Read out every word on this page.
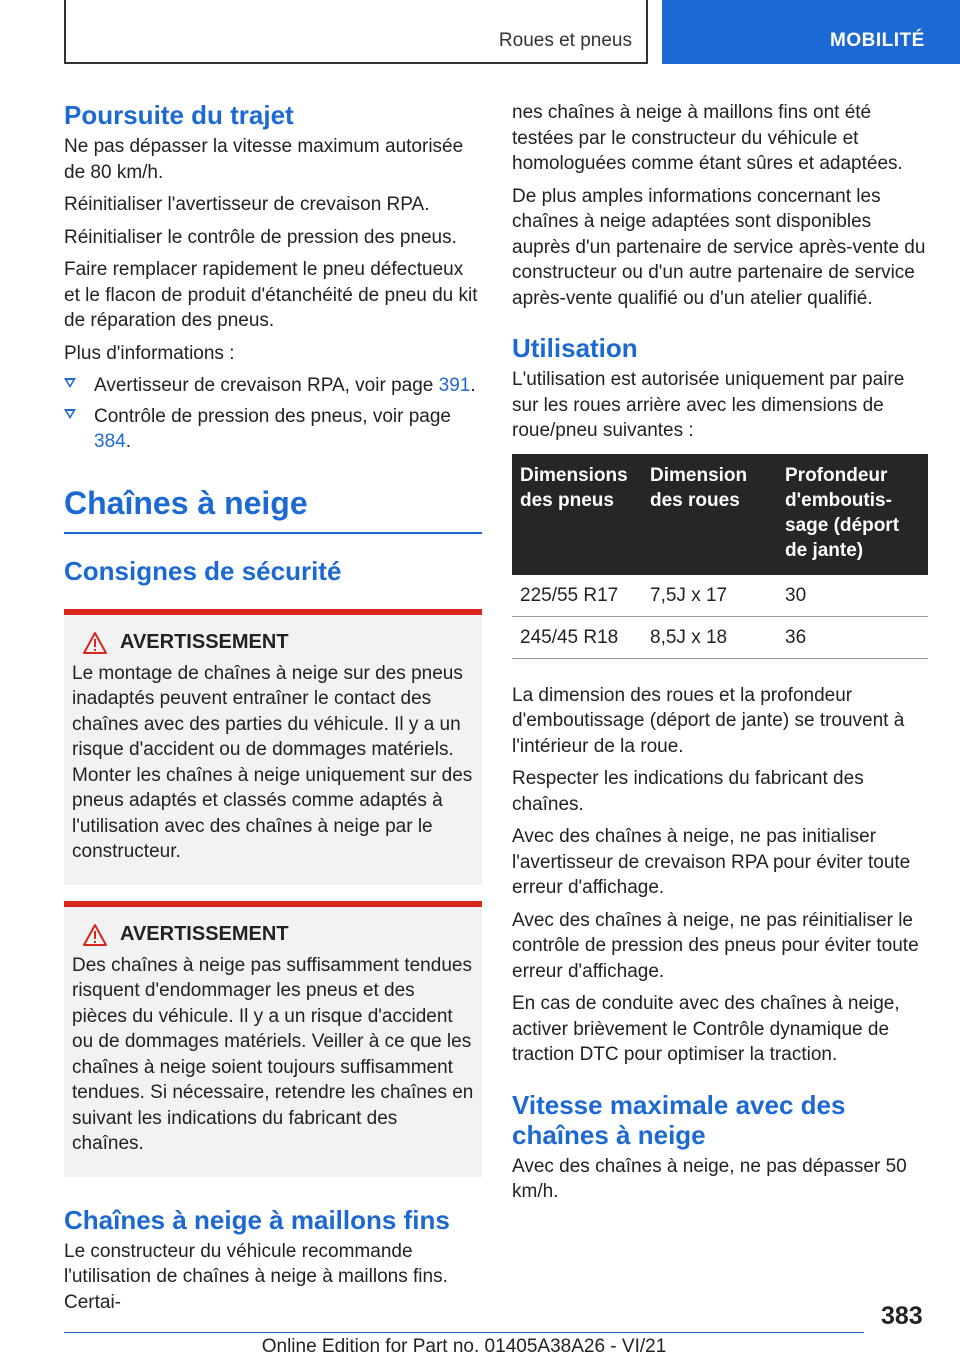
Roues et pneus	MOBILITÉ
Poursuite du trajet

Ne pas dépasser la vitesse maximum autorisée de 80 km/h.

Réinitialiser l'avertisseur de crevaison RPA.

Réinitialiser le contrôle de pression des pneus.

Faire remplacer rapidement le pneu défectueux et le flacon de produit d'étanchéité de pneu du kit de réparation des pneus.

Plus d'informations :

Avertisseur de crevaison RPA, voir page 391.
Contrôle de pression des pneus, voir page 384.
Chaînes à neige
Consignes de sécurité
AVERTISSEMENT

Le montage de chaînes à neige sur des pneus inadaptés peuvent entraîner le contact des chaînes avec des parties du véhicule. Il y a un risque d'accident ou de dommages matériels. Monter les chaînes à neige uniquement sur des pneus adaptés et classés comme adaptés à l'utilisation avec des chaînes à neige par le constructeur.

AVERTISSEMENT

Des chaînes à neige pas suffisamment tendues risquent d'endommager les pneus et des pièces du véhicule. Il y a un risque d'accident ou de dommages matériels. Veiller à ce que les chaînes à neige soient toujours suffisamment tendues. Si nécessaire, retendre les chaînes en suivant les indications du fabricant des chaînes.

Chaînes à neige à maillons fins

Le constructeur du véhicule recommande l'utilisation de chaînes à neige à maillons fins. Certai-

nes chaînes à neige à maillons fins ont été testées par le constructeur du véhicule et homologuées comme étant sûres et adaptées.

De plus amples informations concernant les chaînes à neige adaptées sont disponibles auprès d'un partenaire de service après-vente du constructeur ou d'un autre partenaire de service après-vente qualifié ou d'un atelier qualifié.

Utilisation

L'utilisation est autorisée uniquement par paire sur les roues arrière avec les dimensions de roue/pneu suivantes :

Dimensions des pneus	Dimension des roues	Profondeur d'emboutis-sage (déport de jante)
225/55 R17	7,5J x 17	30
245/45 R18	8,5J x 18	36

La dimension des roues et la profondeur d'emboutissage (déport de jante) se trouvent à l'intérieur de la roue.

Respecter les indications du fabricant des chaînes.

Avec des chaînes à neige, ne pas initialiser l'avertisseur de crevaison RPA pour éviter toute erreur d'affichage.

Avec des chaînes à neige, ne pas réinitialiser le contrôle de pression des pneus pour éviter toute erreur d'affichage.

En cas de conduite avec des chaînes à neige, activer brièvement le Contrôle dynamique de traction DTC pour optimiser la traction.

Vitesse maximale avec des chaînes à neige

Avec des chaînes à neige, ne pas dépasser 50 km/h.

383
Online Edition for Part no. 01405A38A26 - VI/21
